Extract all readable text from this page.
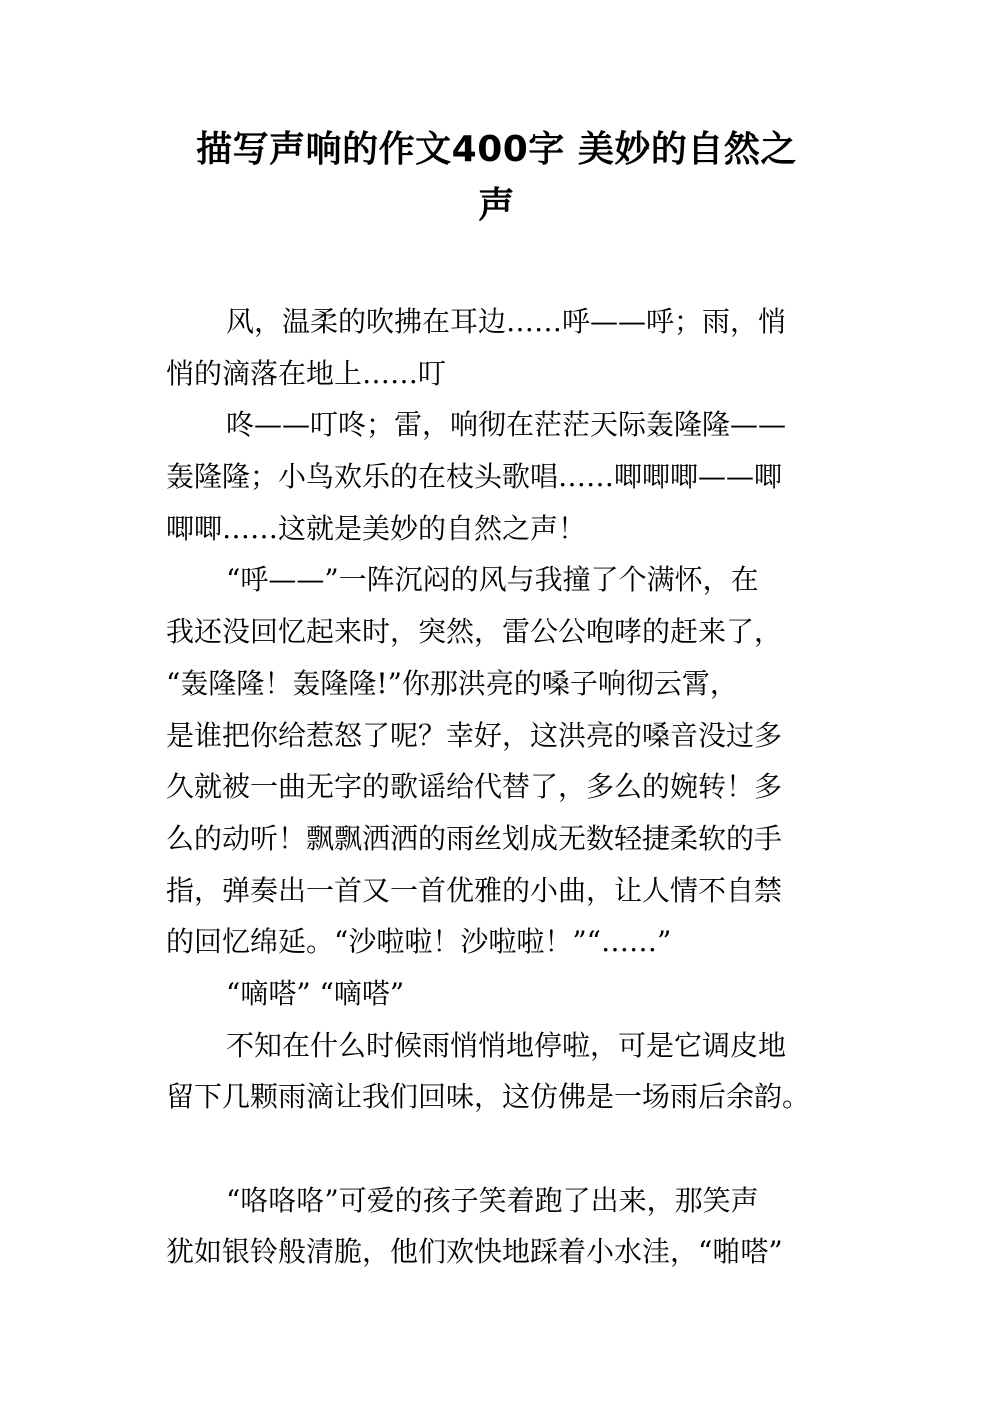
描写声响的作文400字 美妙的自然之
声
风，温柔的吹拂在耳边……呼——呼；雨，悄
悄的滴落在地上……叮
咚——叮咚；雷，响彻在茫茫天际轰隆隆——
轰隆隆；小鸟欢乐的在枝头歌唱……唧唧唧——唧
唧唧……这就是美妙的自然之声！
“呼——”一阵沉闷的风与我撞了个满怀，在
我还没回忆起来时，突然，雷公公咆哮的赶来了，
“轰隆隆！轰隆隆!”你那洪亮的嗓子响彻云霄，
是谁把你给惹怒了呢？幸好，这洪亮的嗓音没过多
久就被一曲无字的歌谣给代替了，多么的婉转！多
么的动听！飘飘洒洒的雨丝划成无数轻捷柔软的手
指，弹奏出一首又一首优雅的小曲，让人情不自禁
的回忆绵延。“沙啦啦！沙啦啦！”“……”
“嘀嗒” “嘀嗒”
不知在什么时候雨悄悄地停啦，可是它调皮地
留下几颗雨滴让我们回味，这仿佛是一场雨后余韵。
“咯咯咯”可爱的孩子笑着跑了出来，那笑声
犹如银铃般清脆，他们欢快地踩着小水洼，“啪嗒”
